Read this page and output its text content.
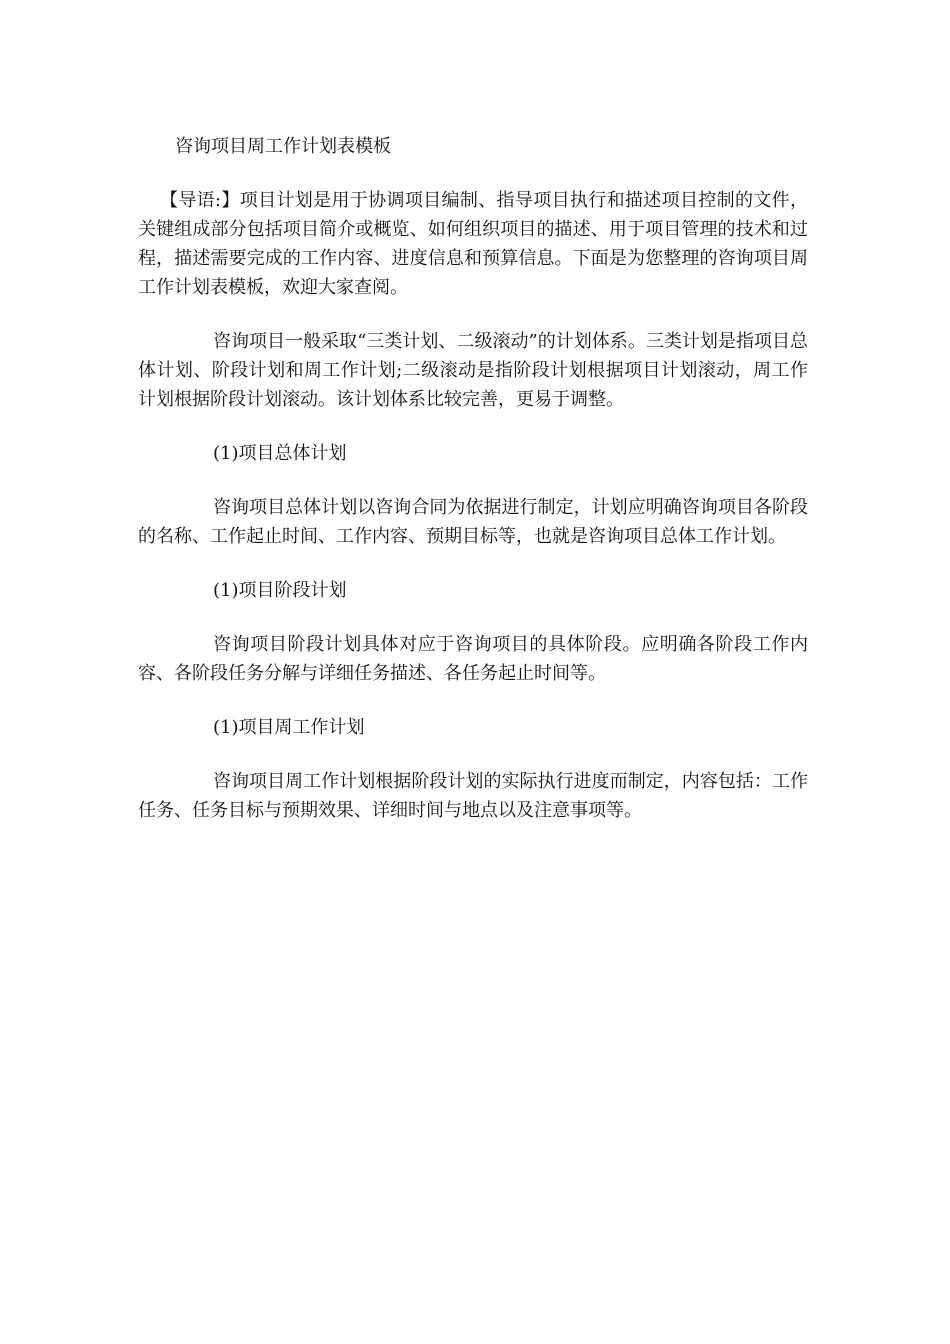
咨询项目周工作计划表模板

【导语:】项目计划是用于协调项目编制、指导项目执行和描述项目控制的文件，关键组成部分包括项目简介或概览、如何组织项目的描述、用于项目管理的技术和过程，描述需要完成的工作内容、进度信息和预算信息。下面是为您整理的咨询项目周工作计划表模板，欢迎大家查阅。

咨询项目一般采取“三类计划、二级滚动”的计划体系。三类计划是指项目总体计划、阶段计划和周工作计划;二级滚动是指阶段计划根据项目计划滚动，周工作计划根据阶段计划滚动。该计划体系比较完善，更易于调整。

(1)项目总体计划

咨询项目总体计划以咨询合同为依据进行制定，计划应明确咨询项目各阶段的名称、工作起止时间、工作内容、预期目标等，也就是咨询项目总体工作计划。

(1)项目阶段计划

咨询项目阶段计划具体对应于咨询项目的具体阶段。应明确各阶段工作内容、各阶段任务分解与详细任务描述、各任务起止时间等。

(1)项目周工作计划

咨询项目周工作计划根据阶段计划的实际执行进度而制定，内容包括：工作任务、任务目标与预期效果、详细时间与地点以及注意事项等。
